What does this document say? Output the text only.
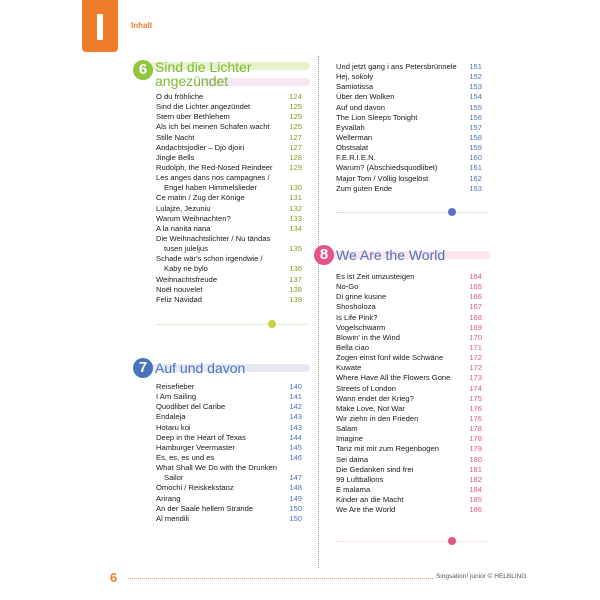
Inhalt
6 Sind die Lichter
angezündet
O du fröhliche	124
Sind die Lichter angezündet	125
Stern über Bethlehem	125
Als ich bei meinen Schafen wacht	125
Stille Nacht	127
Andachtsjodler – Djo djoiri	127
Jingle Bells	128
Rudolph, the Red-Nosed Reindeer 129
Les anges dans nos campagnes /
Engel haben Himmelslieder	130
Ce matin / Zug der Könige	131
Lulajże, Jezuniu	132
Warum Weihnachten?	133
A la nanita nana	134
Die Weihnachtslichter / Nu tändas
tusen juleljus	135
Schade wär's schon irgendwie /
Kaby ne bylo	136
Weihnachtsfreude	137
Noël nouvelet	138
Feliz Navidad	139
7 Auf und davon
Reisefieber	140
I Am Sailing	141
Quodlibet del Caribe	142
Endaleja	143
Hotaru koi	143
Deep in the Heart of Texas	144
Hamburger Veermaster	145
Es, es, es und es	146
What Shall We Do with the Drunken
Sailor	147
Omochi / Reiskekstanz	148
Arirang	149
An der Saale hellem Strande	150
Al mendili	150
Und jetzt gang i ans Petersbrünnele 151
Hej, sokoły	152
Samiotissa	153
Über den Wolken	154
Auf und davon	155
The Lion Sleeps Tonight	156
Eyvallah	157
Wellerman	158
Obstsalat	159
F.E.R.I.E.N.	160
Warum? (Abschiedsquodlibet)	161
Major Tom / Völlig losgelöst	162
Zum guten Ende	163
8 We Are the World
Es ist Zeit umzusteigen	164
No-Go	165
Di grine kusine	166
Shosholoza	167
Is Life Pink?	168
Vogelschwarm	169
Blowin' in the Wind	170
Bella ciao	171
Zogen einst fünf wilde Schwäne	172
Kuwate	172
Where Have All the Flowers Gone 173
Streets of London	174
Wann endet der Krieg?	175
Make Love, Not War	176
Wir ziehn in den Frieden	176
Salam	178
Imagine	178
Tanz mit mir zum Regenbogen	179
Sei dama	180
Die Gedanken sind frei	181
99 Luftballons	182
E malama	184
Kinder an die Macht	185
We Are the World	186
6	Singsation! junior © HELBLING
